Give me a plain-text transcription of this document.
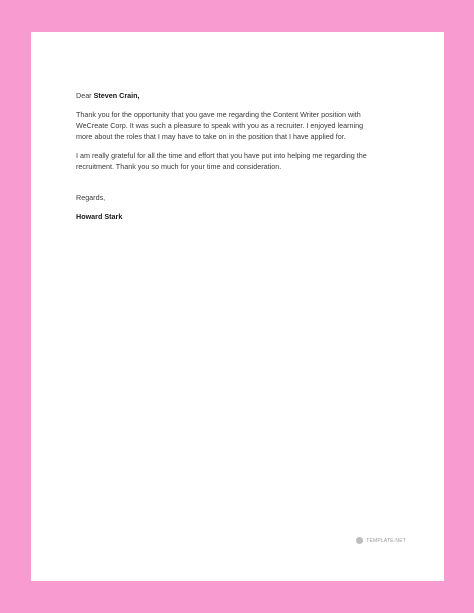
Dear Steven Crain,

Thank you for the opportunity that you gave me regarding the Content Writer position with

WeCreate Corp. It was such a pleasure to speak with you as a recruiter. I enjoyed learning

more about the roles that I may have to take on in the position that I have applied for.

I am really grateful for all the time and effort that you have put into helping me regarding the

recruitment. Thank you so much for your time and consideration.

Regards,

Howard Stark

TEMPLATE.NET
